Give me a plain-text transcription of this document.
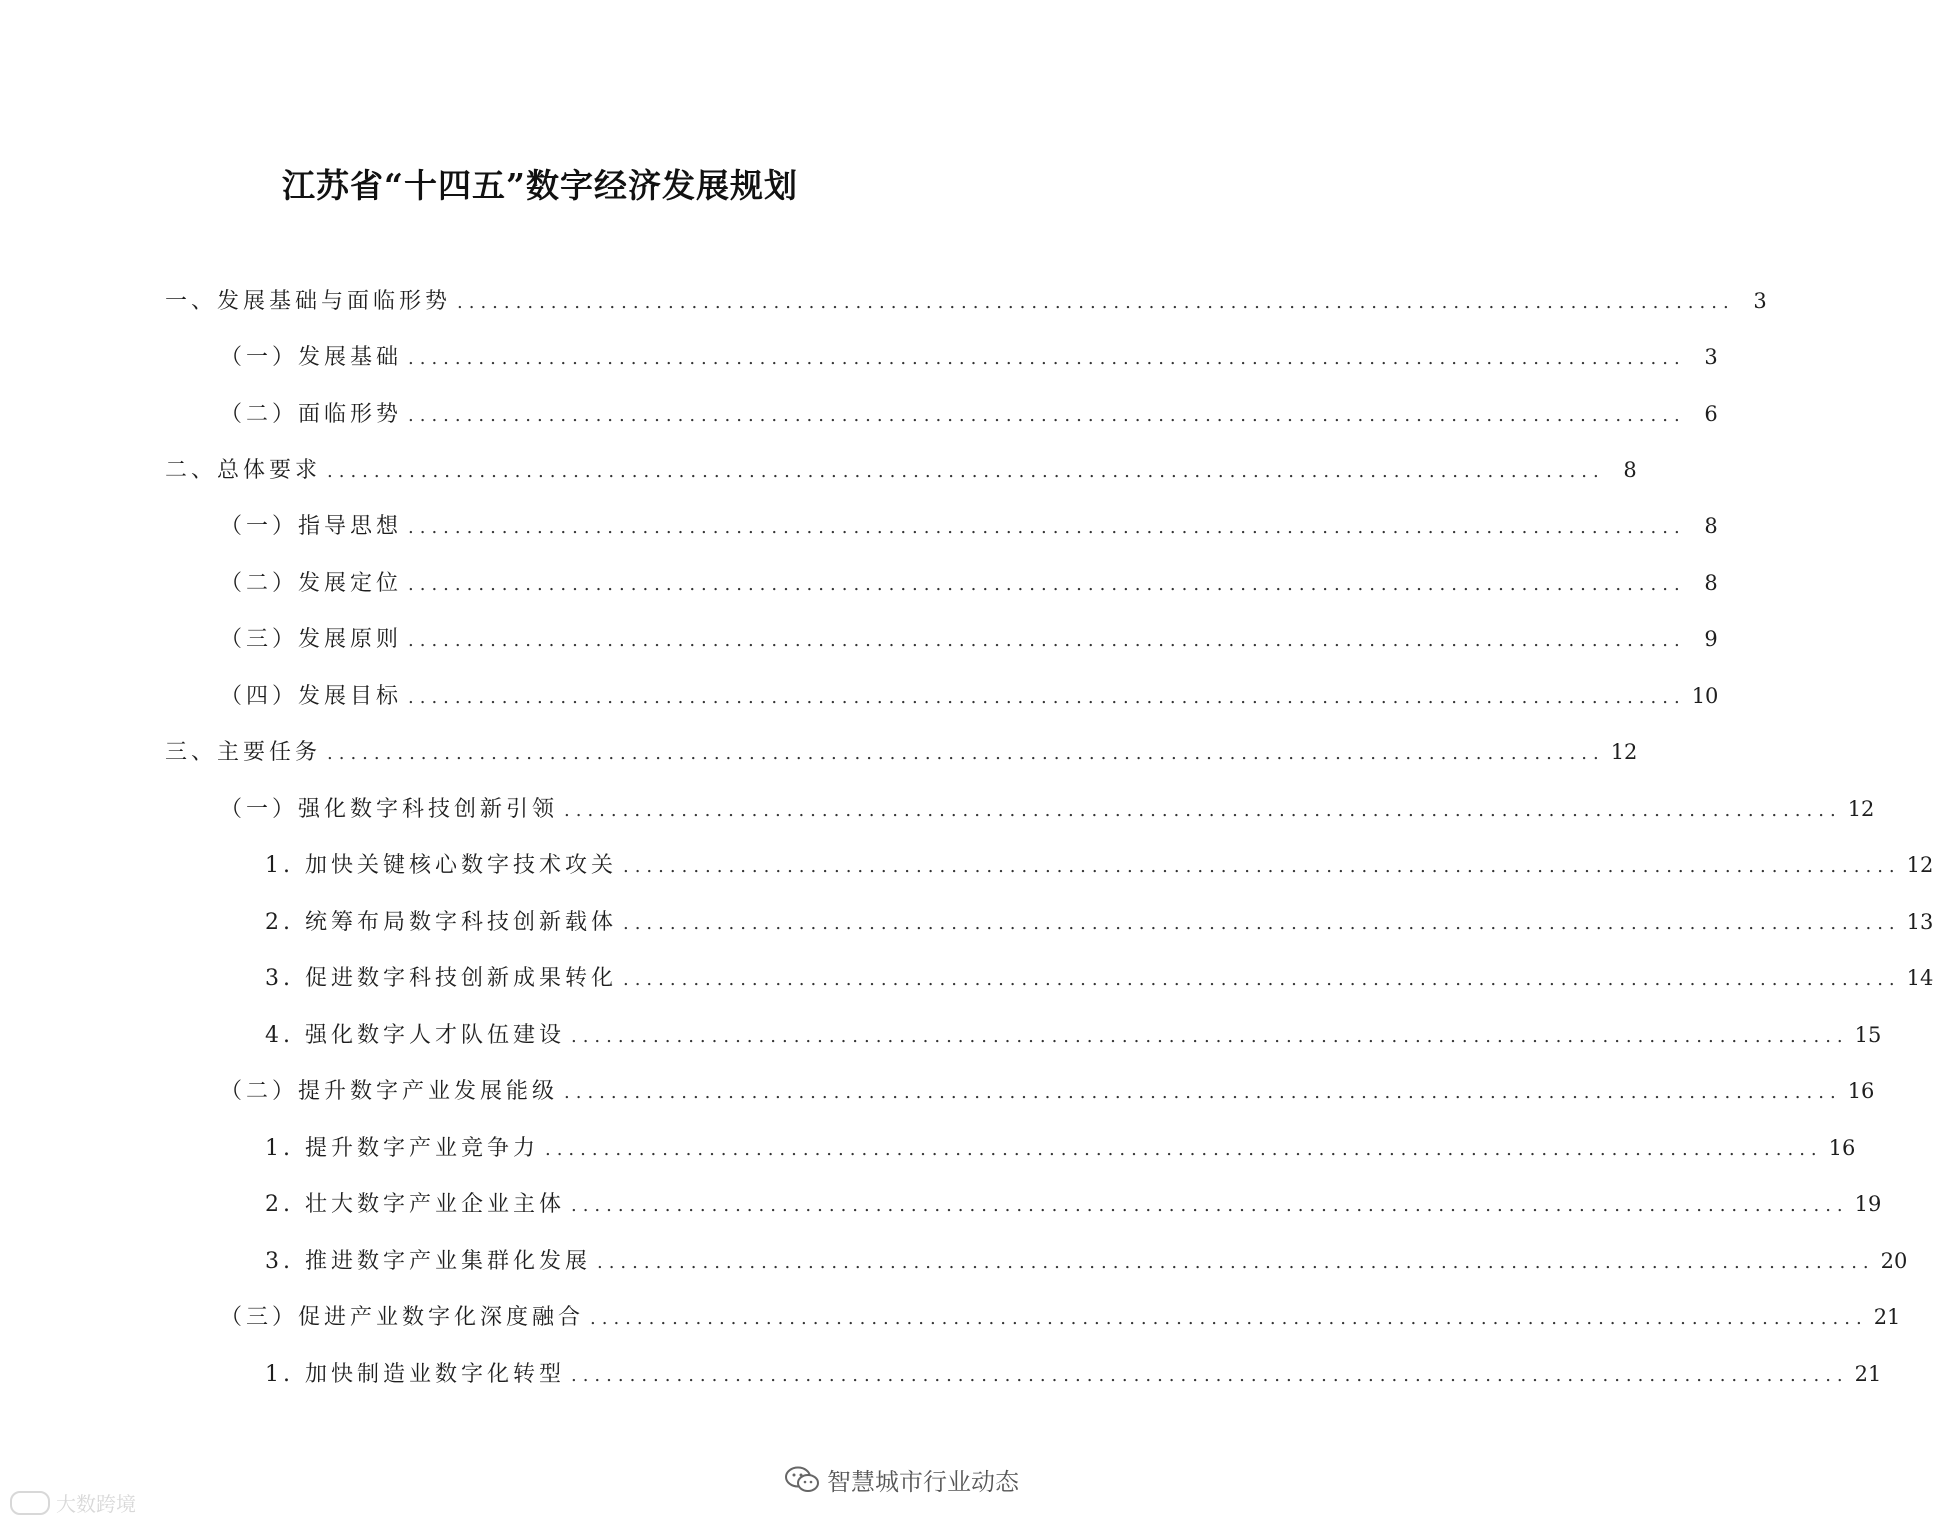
江苏省“十四五”数字经济发展规划
一、发展基础与面临形势 ............................................................................................................. 3
（一）发展基础 ............................................................................................................. 3
（二）面临形势 ............................................................................................................. 6
二、总体要求 ............................................................................................................. 8
（一）指导思想 ............................................................................................................. 8
（二）发展定位 ............................................................................................................. 8
（三）发展原则 ............................................................................................................. 9
（四）发展目标 ............................................................................................................. 10
三、主要任务 ............................................................................................................. 12
（一）强化数字科技创新引领 ............................................................................................................. 12
1. 加快关键核心数字技术攻关 ............................................................................................................. 12
2. 统筹布局数字科技创新载体 ............................................................................................................. 13
3. 促进数字科技创新成果转化 ............................................................................................................. 14
4. 强化数字人才队伍建设 ............................................................................................................. 15
（二）提升数字产业发展能级 ............................................................................................................. 16
1. 提升数字产业竞争力 ............................................................................................................. 16
2. 壮大数字产业企业主体 ............................................................................................................. 19
3. 推进数字产业集群化发展 ............................................................................................................. 20
（三）促进产业数字化深度融合 ............................................................................................................. 21
1. 加快制造业数字化转型 ............................................................................................................. 21
大数跨境
智慧城市行业动态
